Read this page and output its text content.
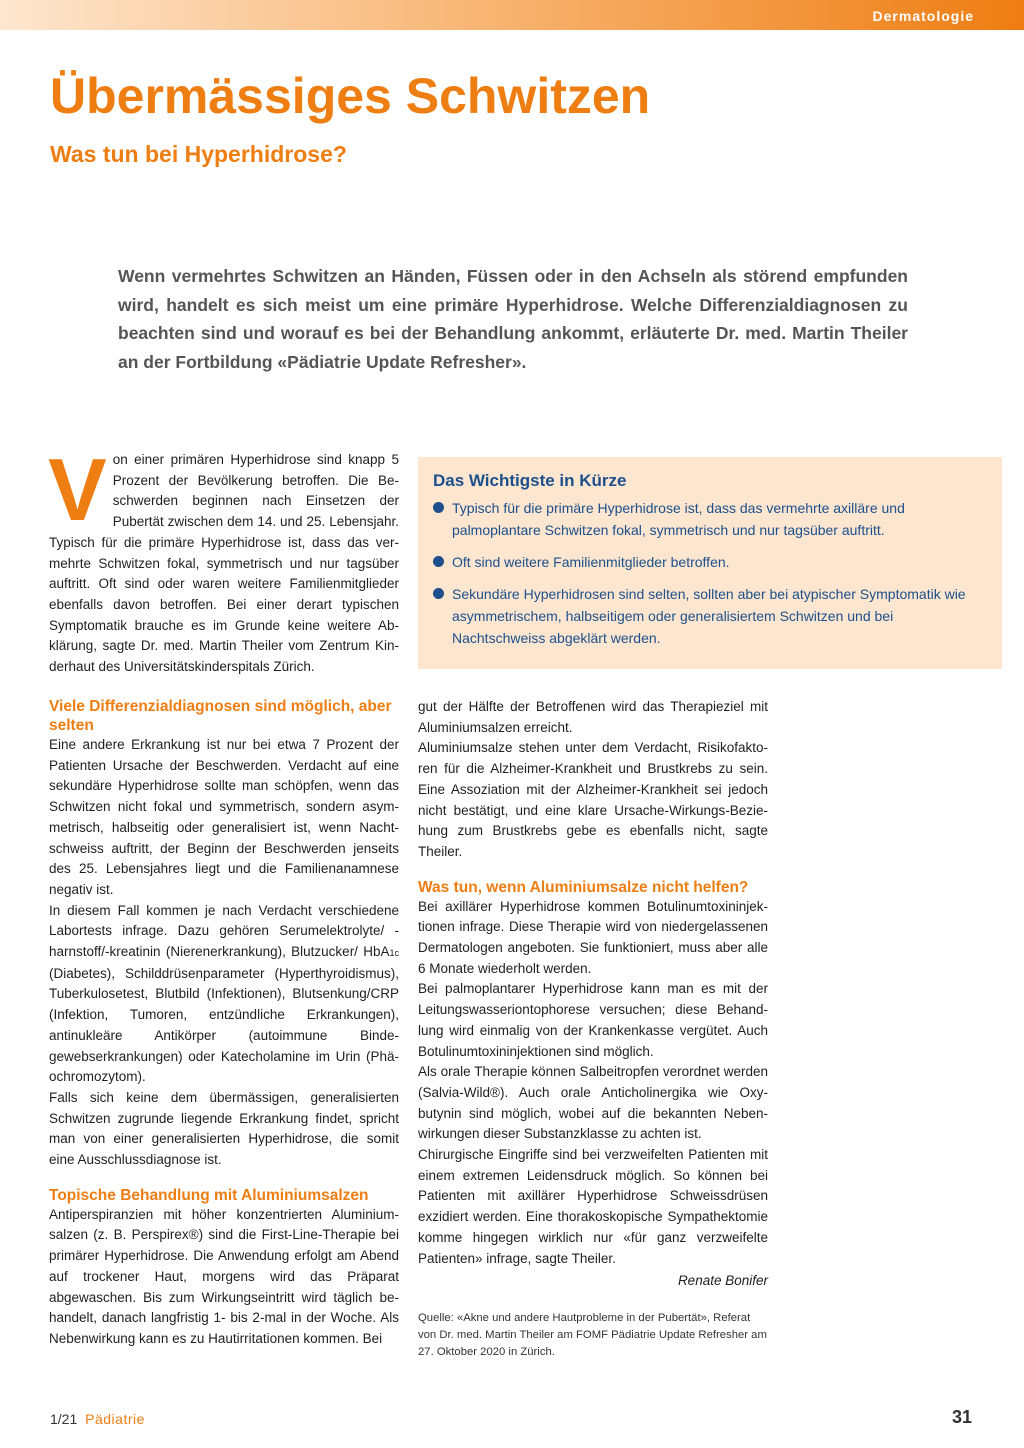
Dermatologie
Übermässiges Schwitzen
Was tun bei Hyperhidrose?

Wenn vermehrtes Schwitzen an Händen, Füssen oder in den Achseln als störend empfunden wird, handelt es sich meist um eine primäre Hyperhidrose. Welche Differenzialdiagnosen zu beachten sind und worauf es bei der Behandlung ankommt, erläuterte Dr. med. Martin Theiler an der Fortbildung «Pädiatrie Update Refresher».

V on einer primären Hyperhidrose sind knapp 5 Prozent der Bevölkerung betroffen. Die Beschwerden beginnen nach Einsetzen der Pubertät zwischen dem 14. und 25. Lebensjahr. Typisch für die primäre Hyperhidrose ist, dass das vermehrte Schwitzen fokal, symmetrisch und nur tagsüber auftritt. Oft sind oder waren weitere Familienmitglieder ebenfalls davon betroffen. Bei einer derart typischen Symptomatik brauche es im Grunde keine weitere Abklärung, sagte Dr. med. Martin Theiler vom Zentrum Kinderhaut des Universitätskinderspitals Zürich.

Viele Differenzialdiagnosen sind möglich, aber selten

Eine andere Erkrankung ist nur bei etwa 7 Prozent der Patienten Ursache der Beschwerden. Verdacht auf eine sekundäre Hyperhidrose sollte man schöpfen, wenn das Schwitzen nicht fokal und symmetrisch, sondern asymmetrisch, halbseitig oder generalisiert ist, wenn Nachtschweiss auftritt, der Beginn der Beschwerden jenseits des 25. Lebensjahres liegt und die Familienanamnese negativ ist.

In diesem Fall kommen je nach Verdacht verschiedene Labortests infrage. Dazu gehören Serumelektrolyte/ -harnstoff/-kreatinin (Nierenerkrankung), Blutzucker/ HbA1c (Diabetes), Schilddrüsenparameter (Hyperthyroidismus), Tuberkulosetest, Blutbild (Infektionen), Blutsenkung/CRP (Infektion, Tumoren, entzündliche Erkrankungen), antinukleäre Antikörper (autoimmune Bindegewebserkrankungen) oder Katecholamine im Urin (Phäochromozytom).

Falls sich keine dem übermässigen, generalisierten Schwitzen zugrunde liegende Erkrankung findet, spricht man von einer generalisierten Hyperhidrose, die somit eine Ausschlussdiagnose ist.

Topische Behandlung mit Aluminiumsalzen

Antiperspiranzien mit höher konzentrierten Aluminiumsalzen (z. B. Perspirex®) sind die First-Line-Therapie bei primärer Hyperhidrose. Die Anwendung erfolgt am Abend auf trockener Haut, morgens wird das Präparat abgewaschen. Bis zum Wirkungseintritt wird täglich behandelt, danach langfristig 1- bis 2-mal in der Woche. Als Nebenwirkung kann es zu Hautirritationen kommen. Bei

Das Wichtigste in Kürze

Typisch für die primäre Hyperhidrose ist, dass das vermehrte axilläre und palmoplantare Schwitzen fokal, symmetrisch und nur tagsüber auftritt.
Oft sind weitere Familienmitglieder betroffen.
Sekundäre Hyperhidrosen sind selten, sollten aber bei atypischer Symptomatik wie asymmetrischem, halbseitigem oder generalisiertem Schwitzen und bei Nachtschweiss abgeklärt werden.

gut der Hälfte der Betroffenen wird das Therapieziel mit Aluminiumsalzen erreicht.

Aluminiumsalze stehen unter dem Verdacht, Risikofaktoren für die Alzheimer-Krankheit und Brustkrebs zu sein. Eine Assoziation mit der Alzheimer-Krankheit sei jedoch nicht bestätigt, und eine klare Ursache-Wirkungs-Beziehung zum Brustkrebs gebe es ebenfalls nicht, sagte Theiler.

Was tun, wenn Aluminiumsalze nicht helfen?

Bei axillärer Hyperhidrose kommen Botulinumtoxininjektionen infrage. Diese Therapie wird von niedergelassenen Dermatologen angeboten. Sie funktioniert, muss aber alle 6 Monate wiederholt werden.

Bei palmoplantarer Hyperhidrose kann man es mit der Leitungswasseriontophorese versuchen; diese Behandlung wird einmalig von der Krankenkasse vergütet. Auch Botulinumtoxininjektionen sind möglich.

Als orale Therapie können Salbeitropfen verordnet werden (Salvia-Wild®). Auch orale Anticholinergika wie Oxybutynin sind möglich, wobei auf die bekannten Nebenwirkungen dieser Substanzklasse zu achten ist.

Chirurgische Eingriffe sind bei verzweifelten Patienten mit einem extremen Leidensdruck möglich. So können bei Patienten mit axillärer Hyperhidrose Schweissdrüsen exzidiert werden. Eine thorakoskopische Sympathektomie komme hingegen wirklich nur «für ganz verzweifelte Patienten» infrage, sagte Theiler.

Renate Bonifer

Quelle: «Akne und andere Hautprobleme in der Pubertät», Referat von Dr. med. Martin Theiler am FOMF Pädiatrie Update Refresher am 27. Oktober 2020 in Zürich.

1/21 Pädiatrie	31
